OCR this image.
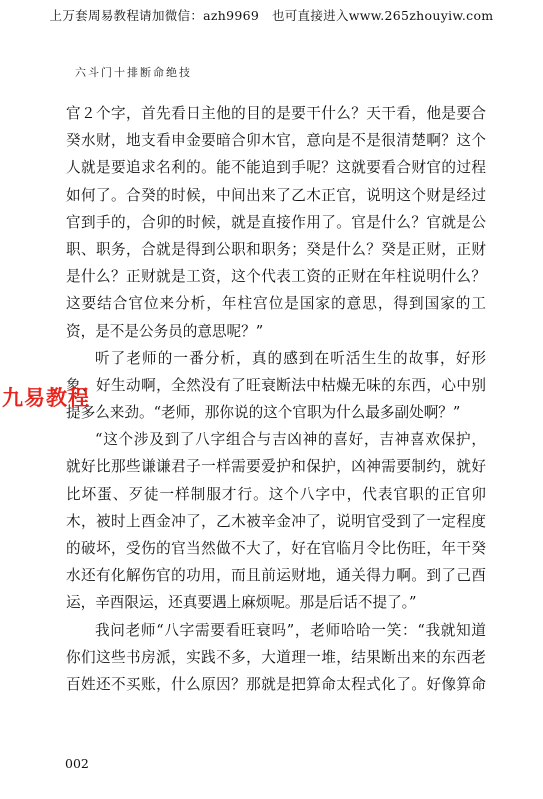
上万套周易教程请加微信：azh9969　也可直接进入www.265zhouyiw.com
六斗门十排断命绝技
官２个字，首先看日主他的目的是要干什么？天干看，他是要合
癸水财，地支看申金要暗合卯木官，意向是不是很清楚啊？这个
人就是要追求名利的。能不能追到手呢？这就要看合财官的过程
如何了。合癸的时候，中间出来了乙木正官，说明这个财是经过
官到手的，合卯的时候，就是直接作用了。官是什么？官就是公
职、职务，合就是得到公职和职务；癸是什么？癸是正财，正财
是什么？正财就是工资，这个代表工资的正财在年柱说明什么？
这要结合官位来分析，年柱宫位是国家的意思，得到国家的工
资，是不是公务员的意思呢？”
听了老师的一番分析，真的感到在听活生生的故事，好形
象、好生动啊，全然没有了旺衰断法中枯燥无味的东西，心中别
提多么来劲。“老师，那你说的这个官职为什么最多副处啊？”
“这个涉及到了八字组合与吉凶神的喜好，吉神喜欢保护，
就好比那些谦谦君子一样需要爱护和保护，凶神需要制约，就好
比坏蛋、歹徒一样制服才行。这个八字中，代表官职的正官卯
木，被时上酉金冲了，乙木被辛金冲了，说明官受到了一定程度
的破坏，受伤的官当然做不大了，好在官临月令比伤旺，年干癸
水还有化解伤官的功用，而且前运财地，通关得力啊。到了己酉
运，辛酉限运，还真要遇上麻烦呢。那是后话不提了。”
我问老师“八字需要看旺衰吗”，老师哈哈一笑：“我就知道
你们这些书房派，实践不多，大道理一堆，结果断出来的东西老
百姓还不买账，什么原因？那就是把算命太程式化了。好像算命
九易教程
002
